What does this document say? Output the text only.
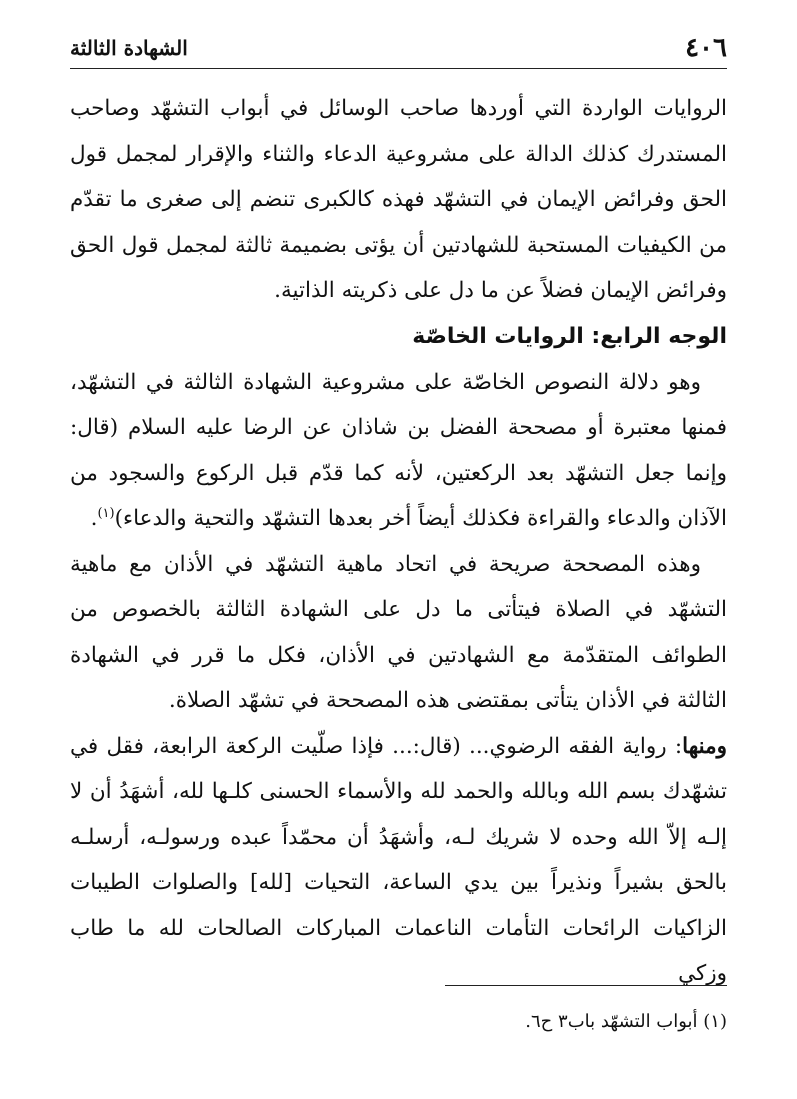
٤٠٦
الشهادة الثالثة

الروايات الواردة التي أوردها صاحب الوسائل في أبواب التشهّد وصاحب المستدرك كذلك الدالة على مشروعية الدعاء والثناء والإقرار لمجمل قول الحق وفرائض الإيمان في التشهّد فهذه كالكبرى تنضم إلى صغرى ما تقدّم من الكيفيات المستحبة للشهادتين أن يؤتى بضميمة ثالثة لمجمل قول الحق وفرائض الإيمان فضلاً عن ما دل على ذكريته الذاتية.

الوجه الرابع: الروايات الخاصّة

وهو دلالة النصوص الخاصّة على مشروعية الشهادة الثالثة في التشهّد، فمنها معتبرة أو مصححة الفضل بن شاذان عن الرضا عليه السلام (قال: وإنما جعل التشهّد بعد الركعتين، لأنه كما قدّم قبل الركوع والسجود من الآذان والدعاء والقراءة فكذلك أيضاً أخر بعدها التشهّد والتحية والدعاء)$^{(١)}$.

وهذه المصححة صريحة في اتحاد ماهية التشهّد في الأذان مع ماهية التشهّد في الصلاة فيتأتى ما دل على الشهادة الثالثة بالخصوص من الطوائف المتقدّمة مع الشهادتين في الأذان، فكل ما قرر في الشهادة الثالثة في الأذان يتأتى بمقتضى هذه المصححة في تشهّد الصلاة.

ومنها: رواية الفقه الرضوي... (قال:... فإذا صلّيت الركعة الرابعة، فقل في تشهّدك بسم الله وبالله والحمد لله والأسماء الحسنى كلـها لله، أشهَدُ أن لا إلـه إلاّ الله وحده لا شريك لـه، وأشهَدُ أن محمّداً عبده ورسولـه، أرسلـه بالحق بشيراً ونذيراً بين يدي الساعة، التحيات [لله] والصلوات الطيبات الزاكيات الرائحات التأمات الناعمات المباركات الصالحات لله ما طاب وزكي

(١) أبواب التشهّد باب٣ ح٦.
